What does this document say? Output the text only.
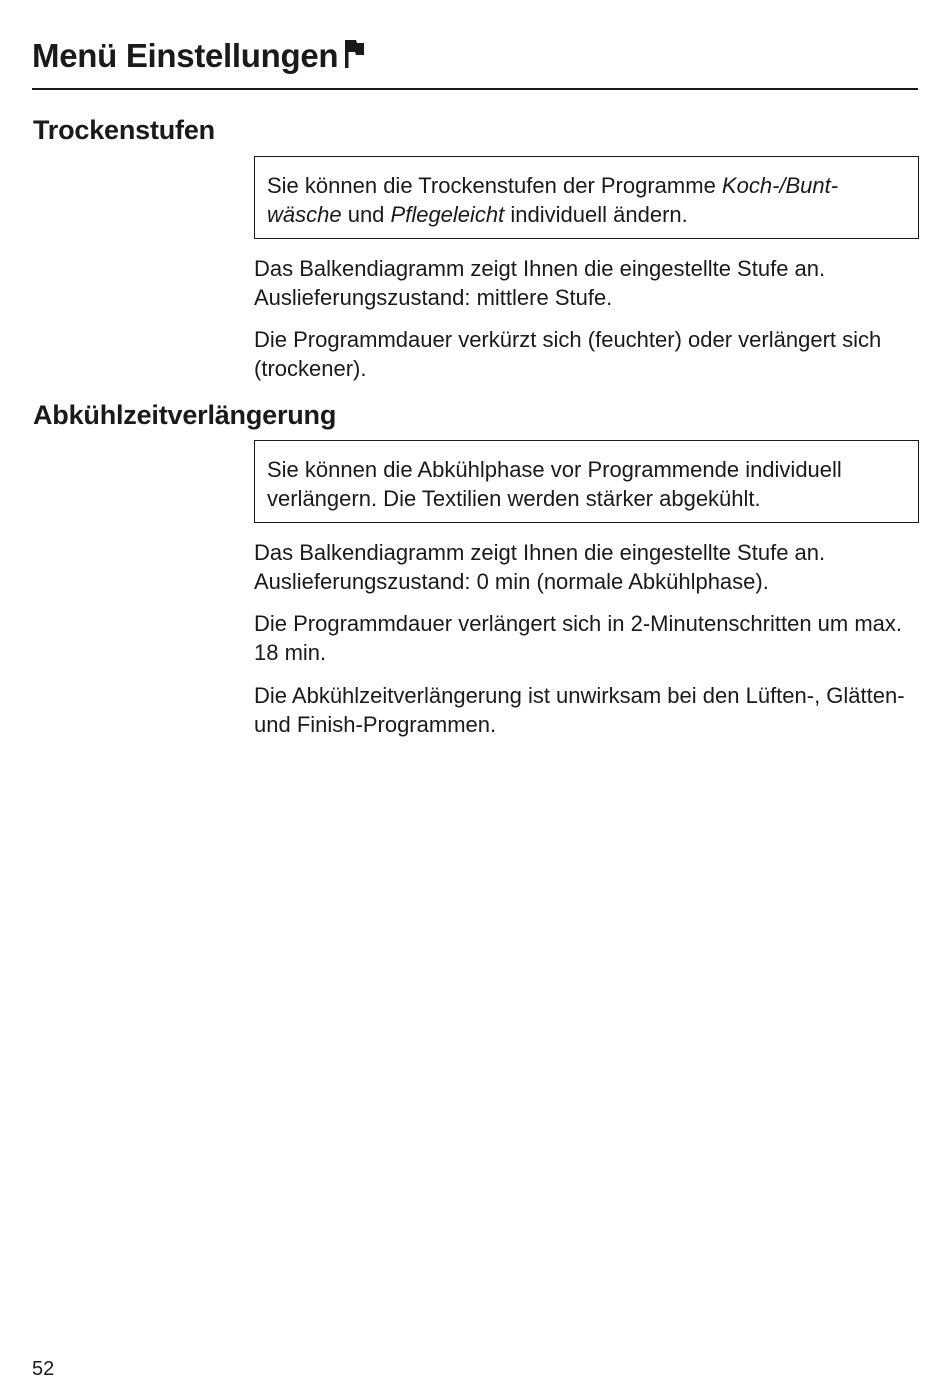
Menü Einstellungen
Trockenstufen
Sie können die Trockenstufen der Programme Koch-/Bunt-wäsche und Pflegeleicht individuell ändern.

Das Balkendiagramm zeigt Ihnen die eingestellte Stufe an.
Auslieferungszustand: mittlere Stufe.

Die Programmdauer verkürzt sich (feuchter) oder verlängert sich (trockener).

Abkühlzeitverlängerung
Sie können die Abkühlphase vor Programmende individuell verlängern. Die Textilien werden stärker abgekühlt.

Das Balkendiagramm zeigt Ihnen die eingestellte Stufe an.
Auslieferungszustand: 0 min (normale Abkühlphase).

Die Programmdauer verlängert sich in 2-Minutenschritten um max. 18 min.

Die Abkühlzeitverlängerung ist unwirksam bei den Lüften-, Glätten- und Finish-Programmen.

52
